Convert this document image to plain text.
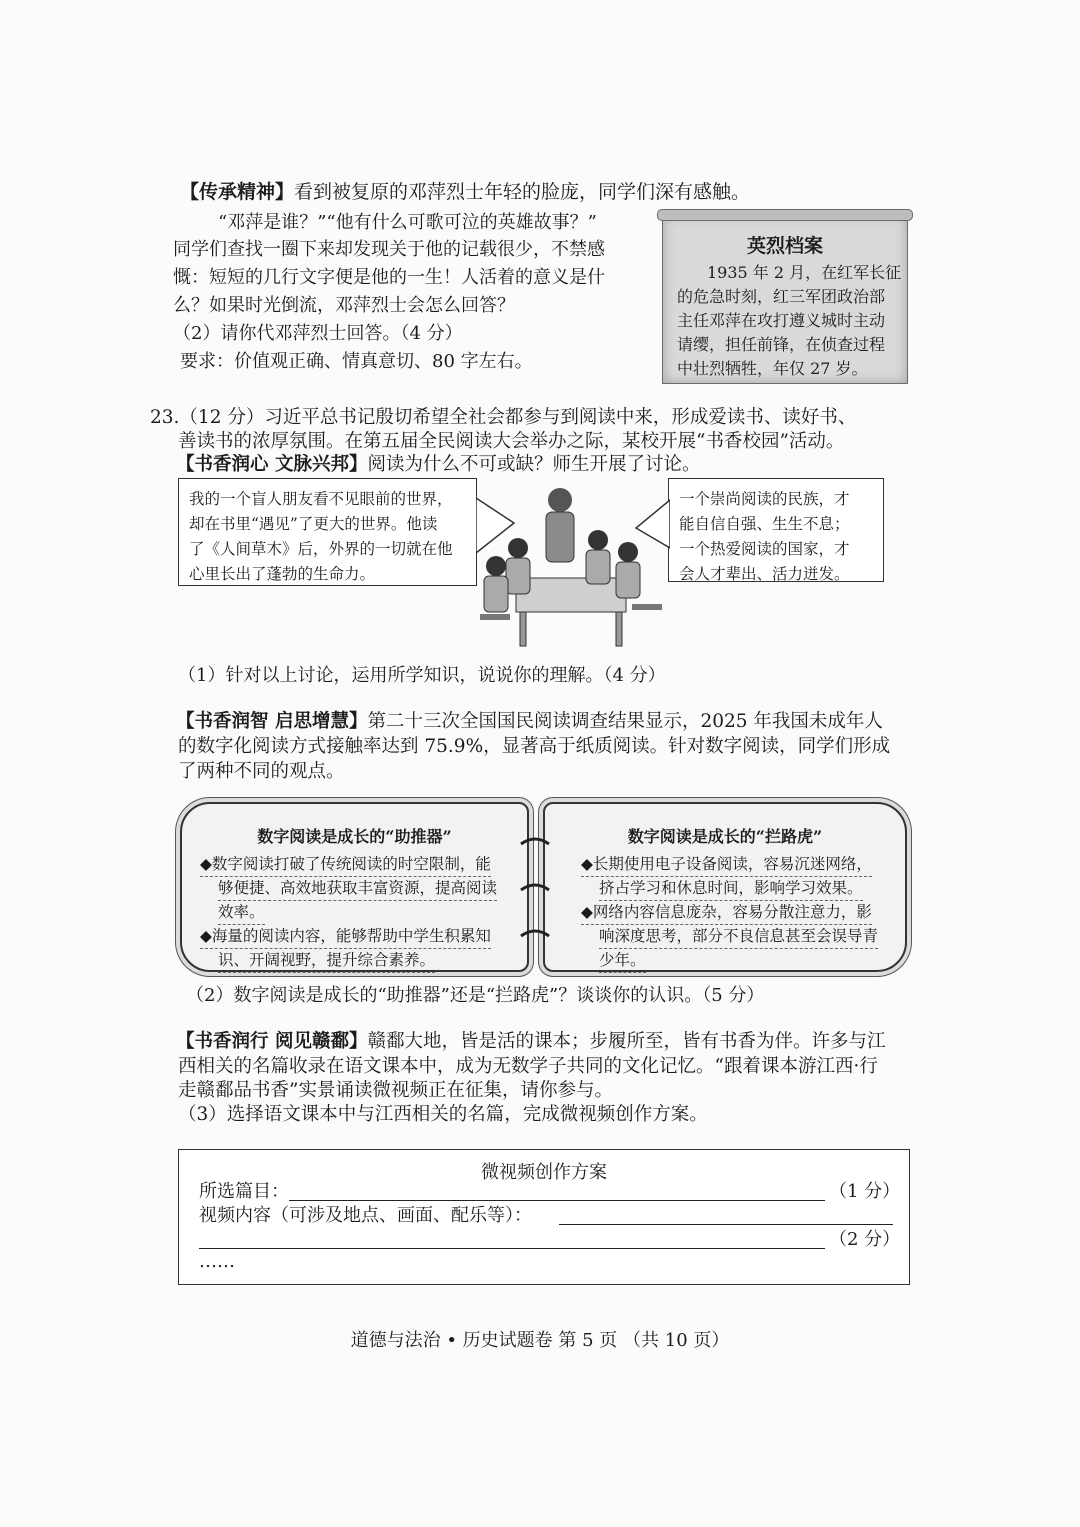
【传承精神】看到被复原的邓萍烈士年轻的脸庞，同学们深有感触。
“邓萍是谁？”“他有什么可歌可泣的英雄故事？”
同学们查找一圈下来却发现关于他的记载很少，不禁感
慨：短短的几行文字便是他的一生！人活着的意义是什
么？如果时光倒流，邓萍烈士会怎么回答？
（2）请你代邓萍烈士回答。（4 分）
要求：价值观正确、情真意切、80 字左右。
英烈档案
1935 年 2 月，在红军长征
的危急时刻，红三军团政治部
主任邓萍在攻打遵义城时主动
请缨，担任前锋，在侦查过程
中壮烈牺牲，年仅 27 岁。
23.（12 分）习近平总书记殷切希望全社会都参与到阅读中来，形成爱读书、读好书、
善读书的浓厚氛围。在第五届全民阅读大会举办之际，某校开展“书香校园”活动。
【书香润心 文脉兴邦】阅读为什么不可或缺？师生开展了讨论。
我的一个盲人朋友看不见眼前的世界，
却在书里“遇见”了更大的世界。他读
了《人间草木》后，外界的一切就在他
心里长出了蓬勃的生命力。
一个崇尚阅读的民族，才
能自信自强、生生不息；
一个热爱阅读的国家，才
会人才辈出、活力迸发。
（1）针对以上讨论，运用所学知识，说说你的理解。（4 分）
【书香润智 启思增慧】第二十三次全国国民阅读调查结果显示，2025 年我国未成年人
的数字化阅读方式接触率达到 75.9%，显著高于纸质阅读。针对数字阅读，同学们形成
了两种不同的观点。
数字阅读是成长的“助推器”
◆数字阅读打破了传统阅读的时空限制，能
够便捷、高效地获取丰富资源，提高阅读
效率。
◆海量的阅读内容，能够帮助中学生积累知
识、开阔视野，提升综合素养。
数字阅读是成长的“拦路虎”
◆长期使用电子设备阅读，容易沉迷网络，
挤占学习和休息时间，影响学习效果。
◆网络内容信息庞杂，容易分散注意力，影
响深度思考，部分不良信息甚至会误导青
少年。
（2）数字阅读是成长的“助推器”还是“拦路虎”？谈谈你的认识。（5 分）
【书香润行 阅见赣鄱】赣鄱大地，皆是活的课本；步履所至，皆有书香为伴。许多与江
西相关的名篇收录在语文课本中，成为无数学子共同的文化记忆。“跟着课本游江西·行
走赣鄱品书香”实景诵读微视频正在征集，请你参与。
（3）选择语文课本中与江西相关的名篇，完成微视频创作方案。
微视频创作方案
所选篇目：	（1 分）
视频内容（可涉及地点、画面、配乐等）：
（2 分）
……
道德与法治 • 历史试题卷 第 5 页 （共 10 页）
